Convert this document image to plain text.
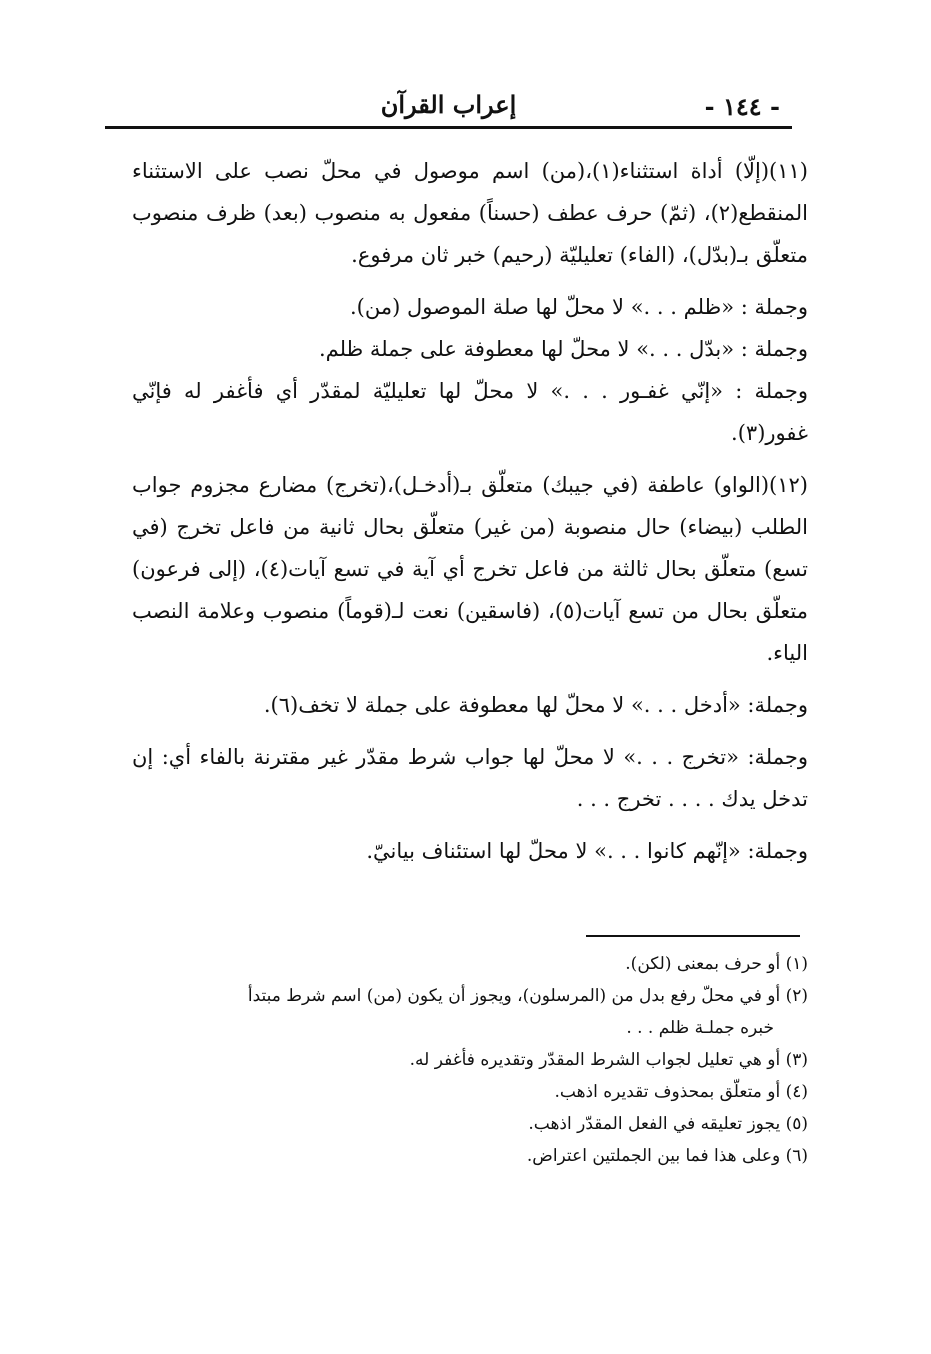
- ١٤٤ -
إعراب القرآن

(١١)(إلّا) أداة استثناء(١)،(من) اسم موصول في محلّ نصب على الاستثناء المنقطع(٢)، (ثمّ) حرف عطف (حسناً) مفعول به منصوب (بعد) ظرف منصوب متعلّق بـ(بدّل)، (الفاء) تعليليّة (رحيم) خبر ثان مرفوع.

وجملة : «ظلم . . .» لا محلّ لها صلة الموصول (من).

وجملة : «بدّل . . .» لا محلّ لها معطوفة على جملة ظلم.

وجملة : «إنّي غفـور . . .» لا محلّ لها تعليليّة لمقدّر أي فأغفر له فإنّي غفور(٣).

(١٢)(الواو) عاطفة (في جيبك) متعلّق بـ(أدخـل)،(تخرج) مضارع مجزوم جواب الطلب (بيضاء) حال منصوبة (من غير) متعلّق بحال ثانية من فاعل تخرج (في تسع) متعلّق بحال ثالثة من فاعل تخرج أي آية في تسع آيات(٤)، (إلى فرعون) متعلّق بحال من تسع آيات(٥)، (فاسقين) نعت لـ(قوماً) منصوب وعلامة النصب الياء.

وجملة: «أدخل . . .» لا محلّ لها معطوفة على جملة لا تخف(٦).

وجملة: «تخرج . . .» لا محلّ لها جواب شرط مقدّر غير مقترنة بالفاء أي: إن تدخل يدك . . . . تخرج . . .

وجملة: «إنّهم كانوا . . .» لا محلّ لها استئناف بيانيّ.

(١) أو حرف بمعنى (لكن).

(٢) أو في محلّ رفع بدل من (المرسلون)، ويجوز أن يكون (من) اسم شرط مبتدأ

خبره جملـة ظلم . . .

(٣) أو هي تعليل لجواب الشرط المقدّر وتقديره فأغفر له.

(٤) أو متعلّق بمحذوف تقديره اذهب.

(٥) يجوز تعليقه في الفعل المقدّر اذهب.

(٦) وعلى هذا فما بين الجملتين اعتراض.
